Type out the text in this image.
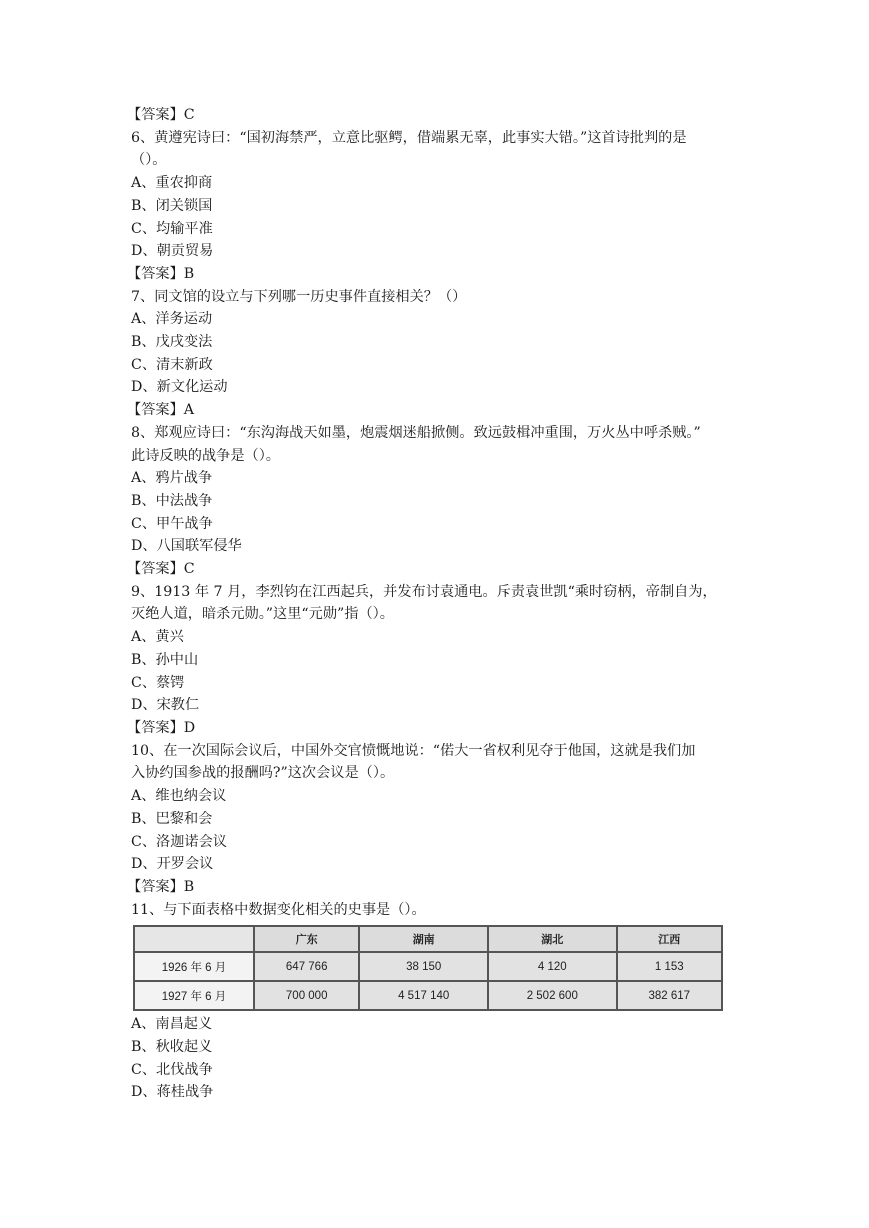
【答案】C

6、黄遵宪诗曰：“国初海禁严，立意比驱鳄，借端累无辜，此事实大错。”这首诗批判的是

（）。

A、重农抑商

B、闭关锁国

C、均输平准

D、朝贡贸易

【答案】B

7、同文馆的设立与下列哪一历史事件直接相关？（）

A、洋务运动

B、戊戌变法

C、清末新政

D、新文化运动

【答案】A

8、郑观应诗曰：“东沟海战天如墨，炮震烟迷船掀侧。致远鼓楫冲重围，万火丛中呼杀贼。”

此诗反映的战争是（）。

A、鸦片战争

B、中法战争

C、甲午战争

D、八国联军侵华

【答案】C

9、1913 年 7 月，李烈钧在江西起兵，并发布讨袁通电。斥责袁世凯“乘时窃柄，帝制自为，

灭绝人道，暗杀元勋。”这里“元勋”指（）。

A、黄兴

B、孙中山

C、蔡锷

D、宋教仁

【答案】D

10、在一次国际会议后，中国外交官愤慨地说：“偌大一省权利见夺于他国，这就是我们加

入协约国参战的报酬吗?”这次会议是（）。

A、维也纳会议

B、巴黎和会

C、洛迦诺会议

D、开罗会议

【答案】B

11、与下面表格中数据变化相关的史事是（）。

	广东	湖南	湖北	江西
1926 年 6 月	647 766	38 150	4 120	1 153
1927 年 6 月	700 000	4 517 140	2 502 600	382 617

A、南昌起义

B、秋收起义

C、北伐战争

D、蒋桂战争
